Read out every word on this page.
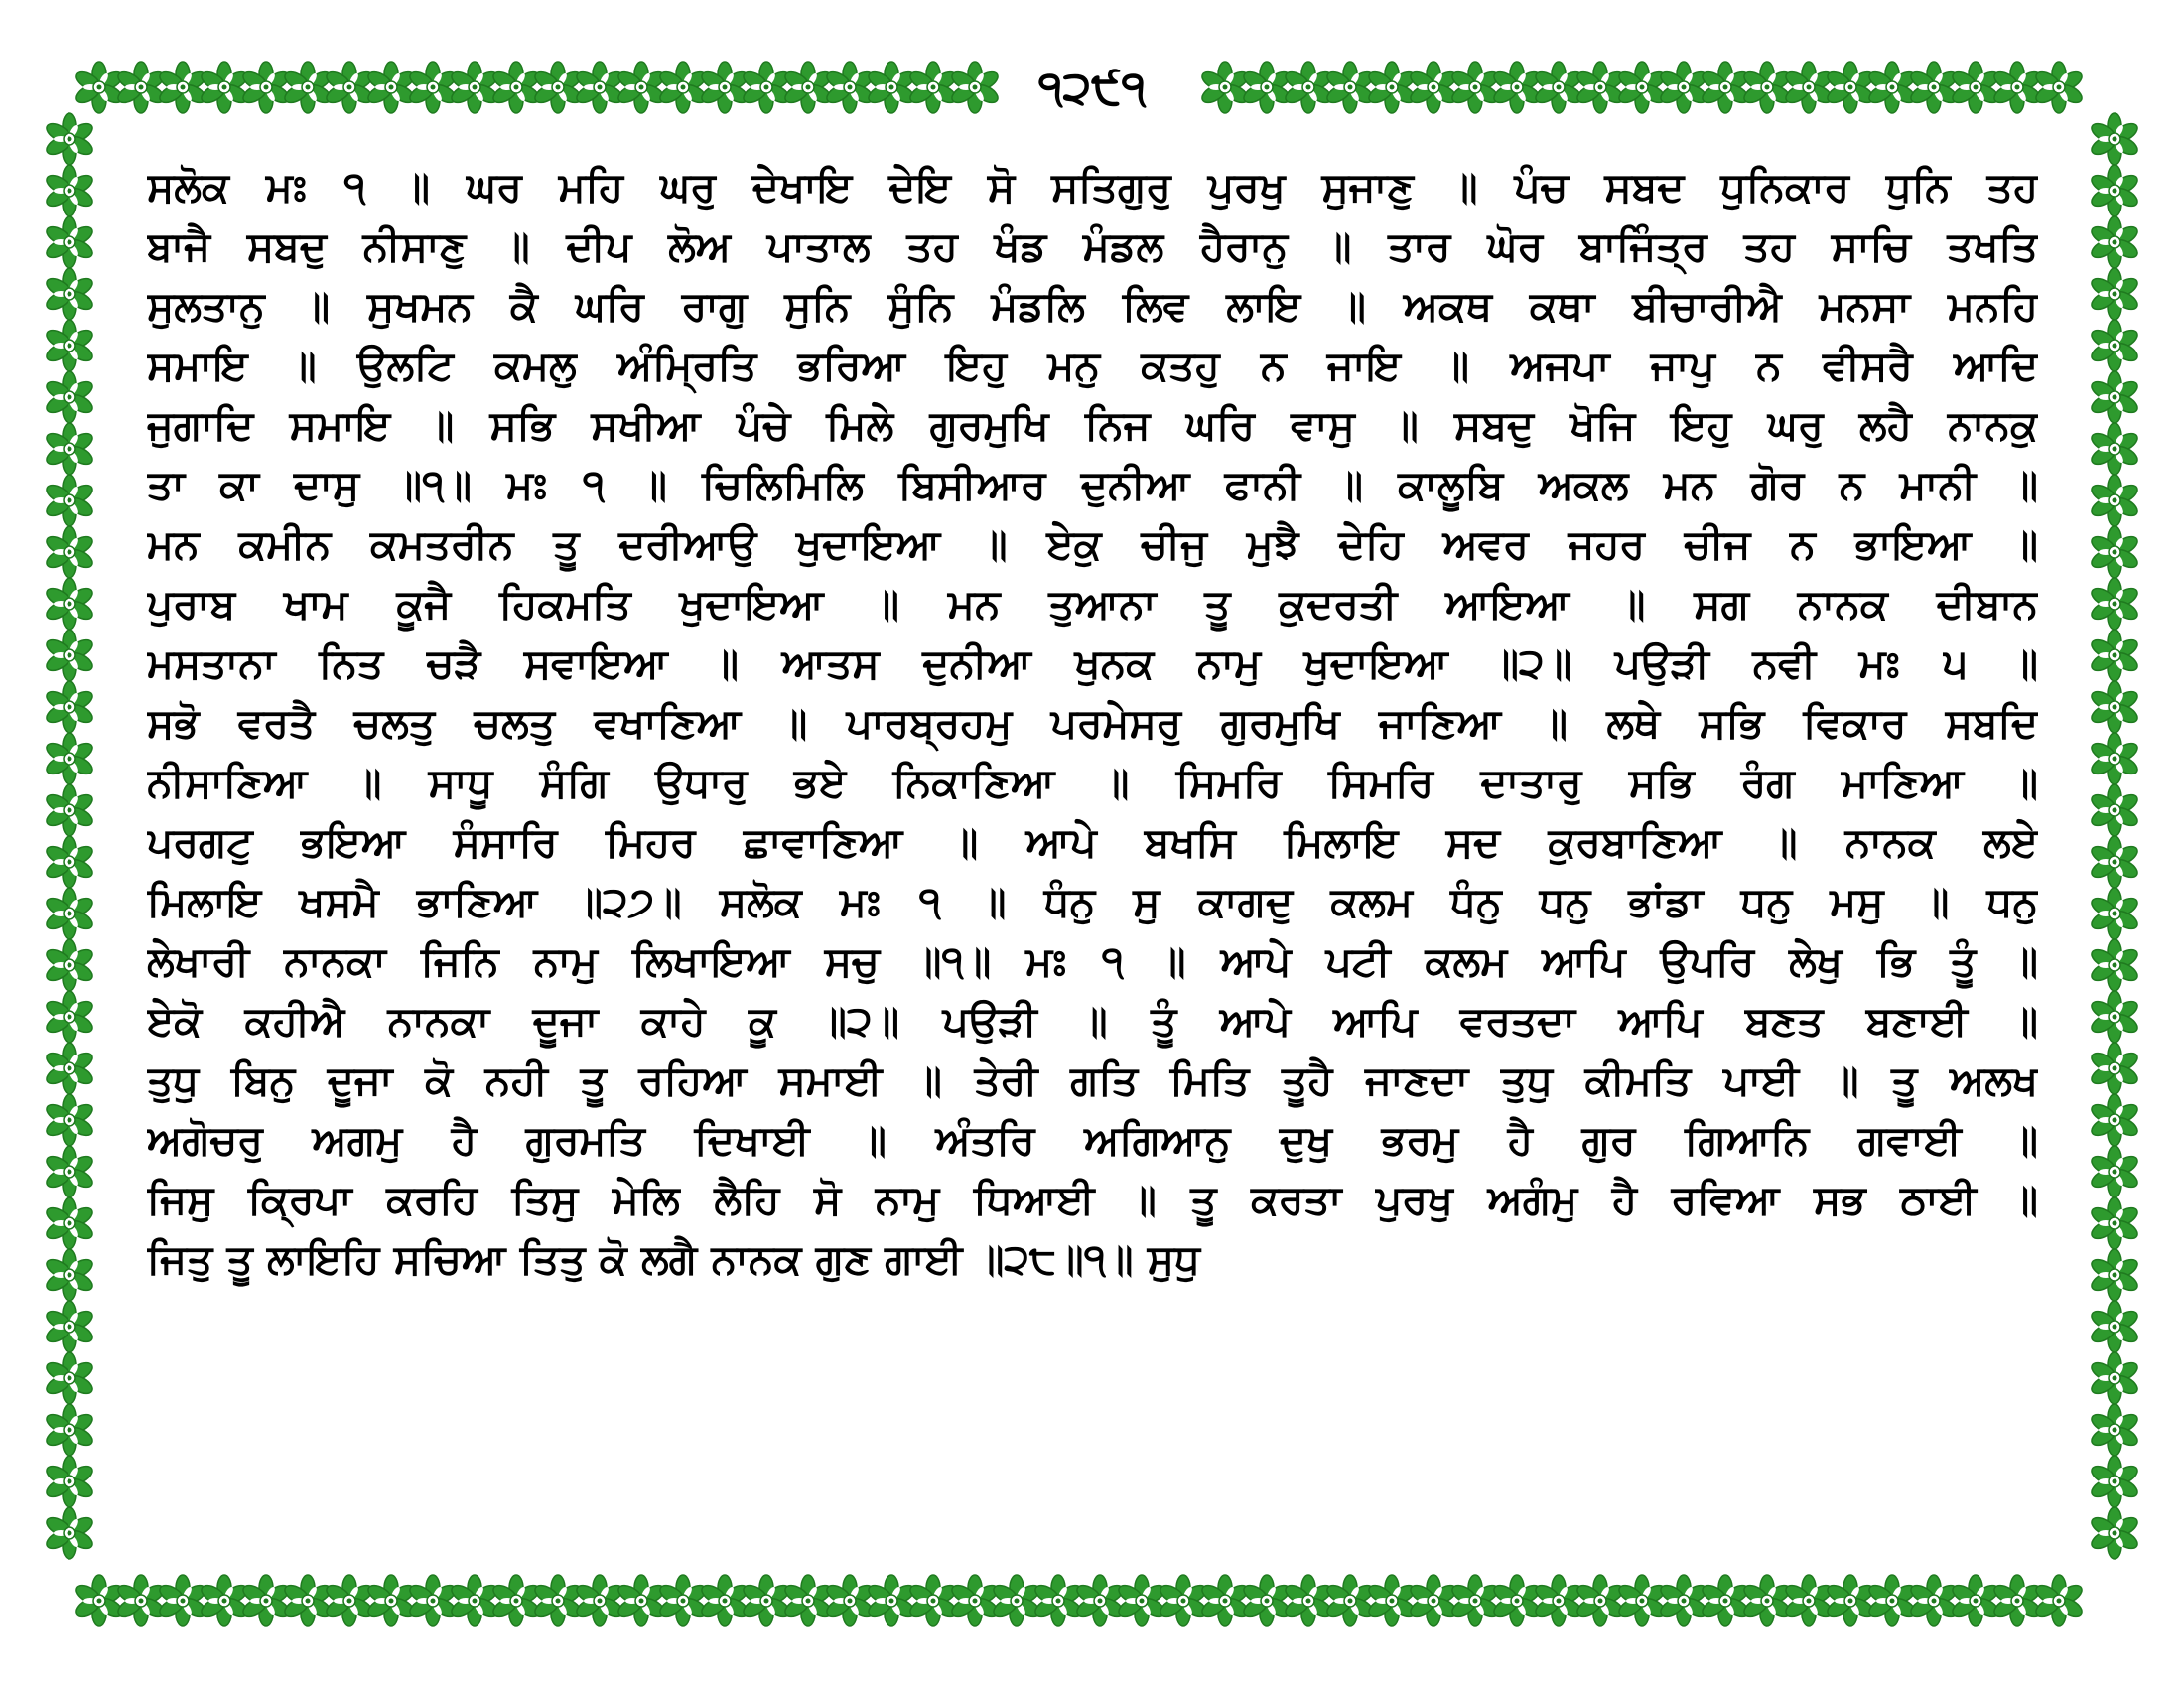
੧੨੯੧
ਸਲੋਕ ਮਃ ੧ ॥ ਘਰ ਮਹਿ ਘਰੁ ਦੇਖਾਇ ਦੇਇ ਸੋ ਸਤਿਗੁਰੁ ਪੁਰਖੁ ਸੁਜਾਣੁ ॥ ਪੰਚ ਸਬਦ ਧੁਨਿਕਾਰ ਧੁਨਿ ਤਹ
ਬਾਜੈ ਸਬਦੁ ਨੀਸਾਣੁ ॥ ਦੀਪ ਲੋਅ ਪਾਤਾਲ ਤਹ ਖੰਡ ਮੰਡਲ ਹੈਰਾਨੁ ॥ ਤਾਰ ਘੋਰ ਬਾਜਿੰਤ੍ਰ ਤਹ ਸਾਚਿ ਤਖਤਿ
ਸੁਲਤਾਨੁ ॥ ਸੁਖਮਨ ਕੈ ਘਰਿ ਰਾਗੁ ਸੁਨਿ ਸੁੰਨਿ ਮੰਡਲਿ ਲਿਵ ਲਾਇ ॥ ਅਕਥ ਕਥਾ ਬੀਚਾਰੀਐ ਮਨਸਾ ਮਨਹਿ
ਸਮਾਇ ॥ ਉਲਟਿ ਕਮਲੁ ਅੰਮ੍ਰਿਤਿ ਭਰਿਆ ਇਹੁ ਮਨੁ ਕਤਹੁ ਨ ਜਾਇ ॥ ਅਜਪਾ ਜਾਪੁ ਨ ਵੀਸਰੈ ਆਦਿ
ਜੁਗਾਦਿ ਸਮਾਇ ॥ ਸਭਿ ਸਖੀਆ ਪੰਚੇ ਮਿਲੇ ਗੁਰਮੁਖਿ ਨਿਜ ਘਰਿ ਵਾਸੁ ॥ ਸਬਦੁ ਖੋਜਿ ਇਹੁ ਘਰੁ ਲਹੈ ਨਾਨਕੁ
ਤਾ ਕਾ ਦਾਸੁ ॥੧॥ ਮਃ ੧ ॥ ਚਿਲਿਮਿਲਿ ਬਿਸੀਆਰ ਦੁਨੀਆ ਫਾਨੀ ॥ ਕਾਲੂਬਿ ਅਕਲ ਮਨ ਗੋਰ ਨ ਮਾਨੀ ॥
ਮਨ ਕਮੀਨ ਕਮਤਰੀਨ ਤੂ ਦਰੀਆਉ ਖੁਦਾਇਆ ॥ ਏਕੁ ਚੀਜੁ ਮੁਝੈ ਦੇਹਿ ਅਵਰ ਜਹਰ ਚੀਜ ਨ ਭਾਇਆ ॥
ਪੁਰਾਬ ਖਾਮ ਕੂਜੈ ਹਿਕਮਤਿ ਖੁਦਾਇਆ ॥ ਮਨ ਤੁਆਨਾ ਤੂ ਕੁਦਰਤੀ ਆਇਆ ॥ ਸਗ ਨਾਨਕ ਦੀਬਾਨ
ਮਸਤਾਨਾ ਨਿਤ ਚੜੈ ਸਵਾਇਆ ॥ ਆਤਸ ਦੁਨੀਆ ਖੁਨਕ ਨਾਮੁ ਖੁਦਾਇਆ ॥੨॥ ਪਉੜੀ ਨਵੀ ਮਃ ੫ ॥
ਸਭੋ ਵਰਤੈ ਚਲਤੁ ਚਲਤੁ ਵਖਾਣਿਆ ॥ ਪਾਰਬ੍ਰਹਮੁ ਪਰਮੇਸਰੁ ਗੁਰਮੁਖਿ ਜਾਣਿਆ ॥ ਲਥੇ ਸਭਿ ਵਿਕਾਰ ਸਬਦਿ
ਨੀਸਾਣਿਆ ॥ ਸਾਧੂ ਸੰਗਿ ਉਧਾਰੁ ਭਏ ਨਿਕਾਣਿਆ ॥ ਸਿਮਰਿ ਸਿਮਰਿ ਦਾਤਾਰੁ ਸਭਿ ਰੰਗ ਮਾਣਿਆ ॥
ਪਰਗਟੁ ਭਇਆ ਸੰਸਾਰਿ ਮਿਹਰ ਛਾਵਾਣਿਆ ॥ ਆਪੇ ਬਖਸਿ ਮਿਲਾਇ ਸਦ ਕੁਰਬਾਣਿਆ ॥ ਨਾਨਕ ਲਏ
ਮਿਲਾਇ ਖਸਮੈ ਭਾਣਿਆ ॥੨੭॥ ਸਲੋਕ ਮਃ ੧ ॥ ਧੰਨੁ ਸੁ ਕਾਗਦੁ ਕਲਮ ਧੰਨੁ ਧਨੁ ਭਾਂਡਾ ਧਨੁ ਮਸੁ ॥ ਧਨੁ
ਲੇਖਾਰੀ ਨਾਨਕਾ ਜਿਨਿ ਨਾਮੁ ਲਿਖਾਇਆ ਸਚੁ ॥੧॥ ਮਃ ੧ ॥ ਆਪੇ ਪਟੀ ਕਲਮ ਆਪਿ ਉਪਰਿ ਲੇਖੁ ਭਿ ਤੂੰ ॥
ਏਕੋ ਕਹੀਐ ਨਾਨਕਾ ਦੂਜਾ ਕਾਹੇ ਕੂ ॥੨॥ ਪਉੜੀ ॥ ਤੂੰ ਆਪੇ ਆਪਿ ਵਰਤਦਾ ਆਪਿ ਬਣਤ ਬਣਾਈ ॥
ਤੁਧੁ ਬਿਨੁ ਦੂਜਾ ਕੋ ਨਹੀ ਤੂ ਰਹਿਆ ਸਮਾਈ ॥ ਤੇਰੀ ਗਤਿ ਮਿਤਿ ਤੂਹੈ ਜਾਣਦਾ ਤੁਧੁ ਕੀਮਤਿ ਪਾਈ ॥ ਤੂ ਅਲਖ
ਅਗੋਚਰੁ ਅਗਮੁ ਹੈ ਗੁਰਮਤਿ ਦਿਖਾਈ ॥ ਅੰਤਰਿ ਅਗਿਆਨੁ ਦੁਖੁ ਭਰਮੁ ਹੈ ਗੁਰ ਗਿਆਨਿ ਗਵਾਈ ॥
ਜਿਸੁ ਕ੍ਰਿਪਾ ਕਰਹਿ ਤਿਸੁ ਮੇਲਿ ਲੈਹਿ ਸੋ ਨਾਮੁ ਧਿਆਈ ॥ ਤੂ ਕਰਤਾ ਪੁਰਖੁ ਅਗੰਮੁ ਹੈ ਰਵਿਆ ਸਭ ਠਾਈ ॥
ਜਿਤੁ ਤੂ ਲਾਇਹਿ ਸਚਿਆ ਤਿਤੁ ਕੋ ਲਗੈ ਨਾਨਕ ਗੁਣ ਗਾਈ ॥੨੮॥੧॥ ਸੁਧੁ
